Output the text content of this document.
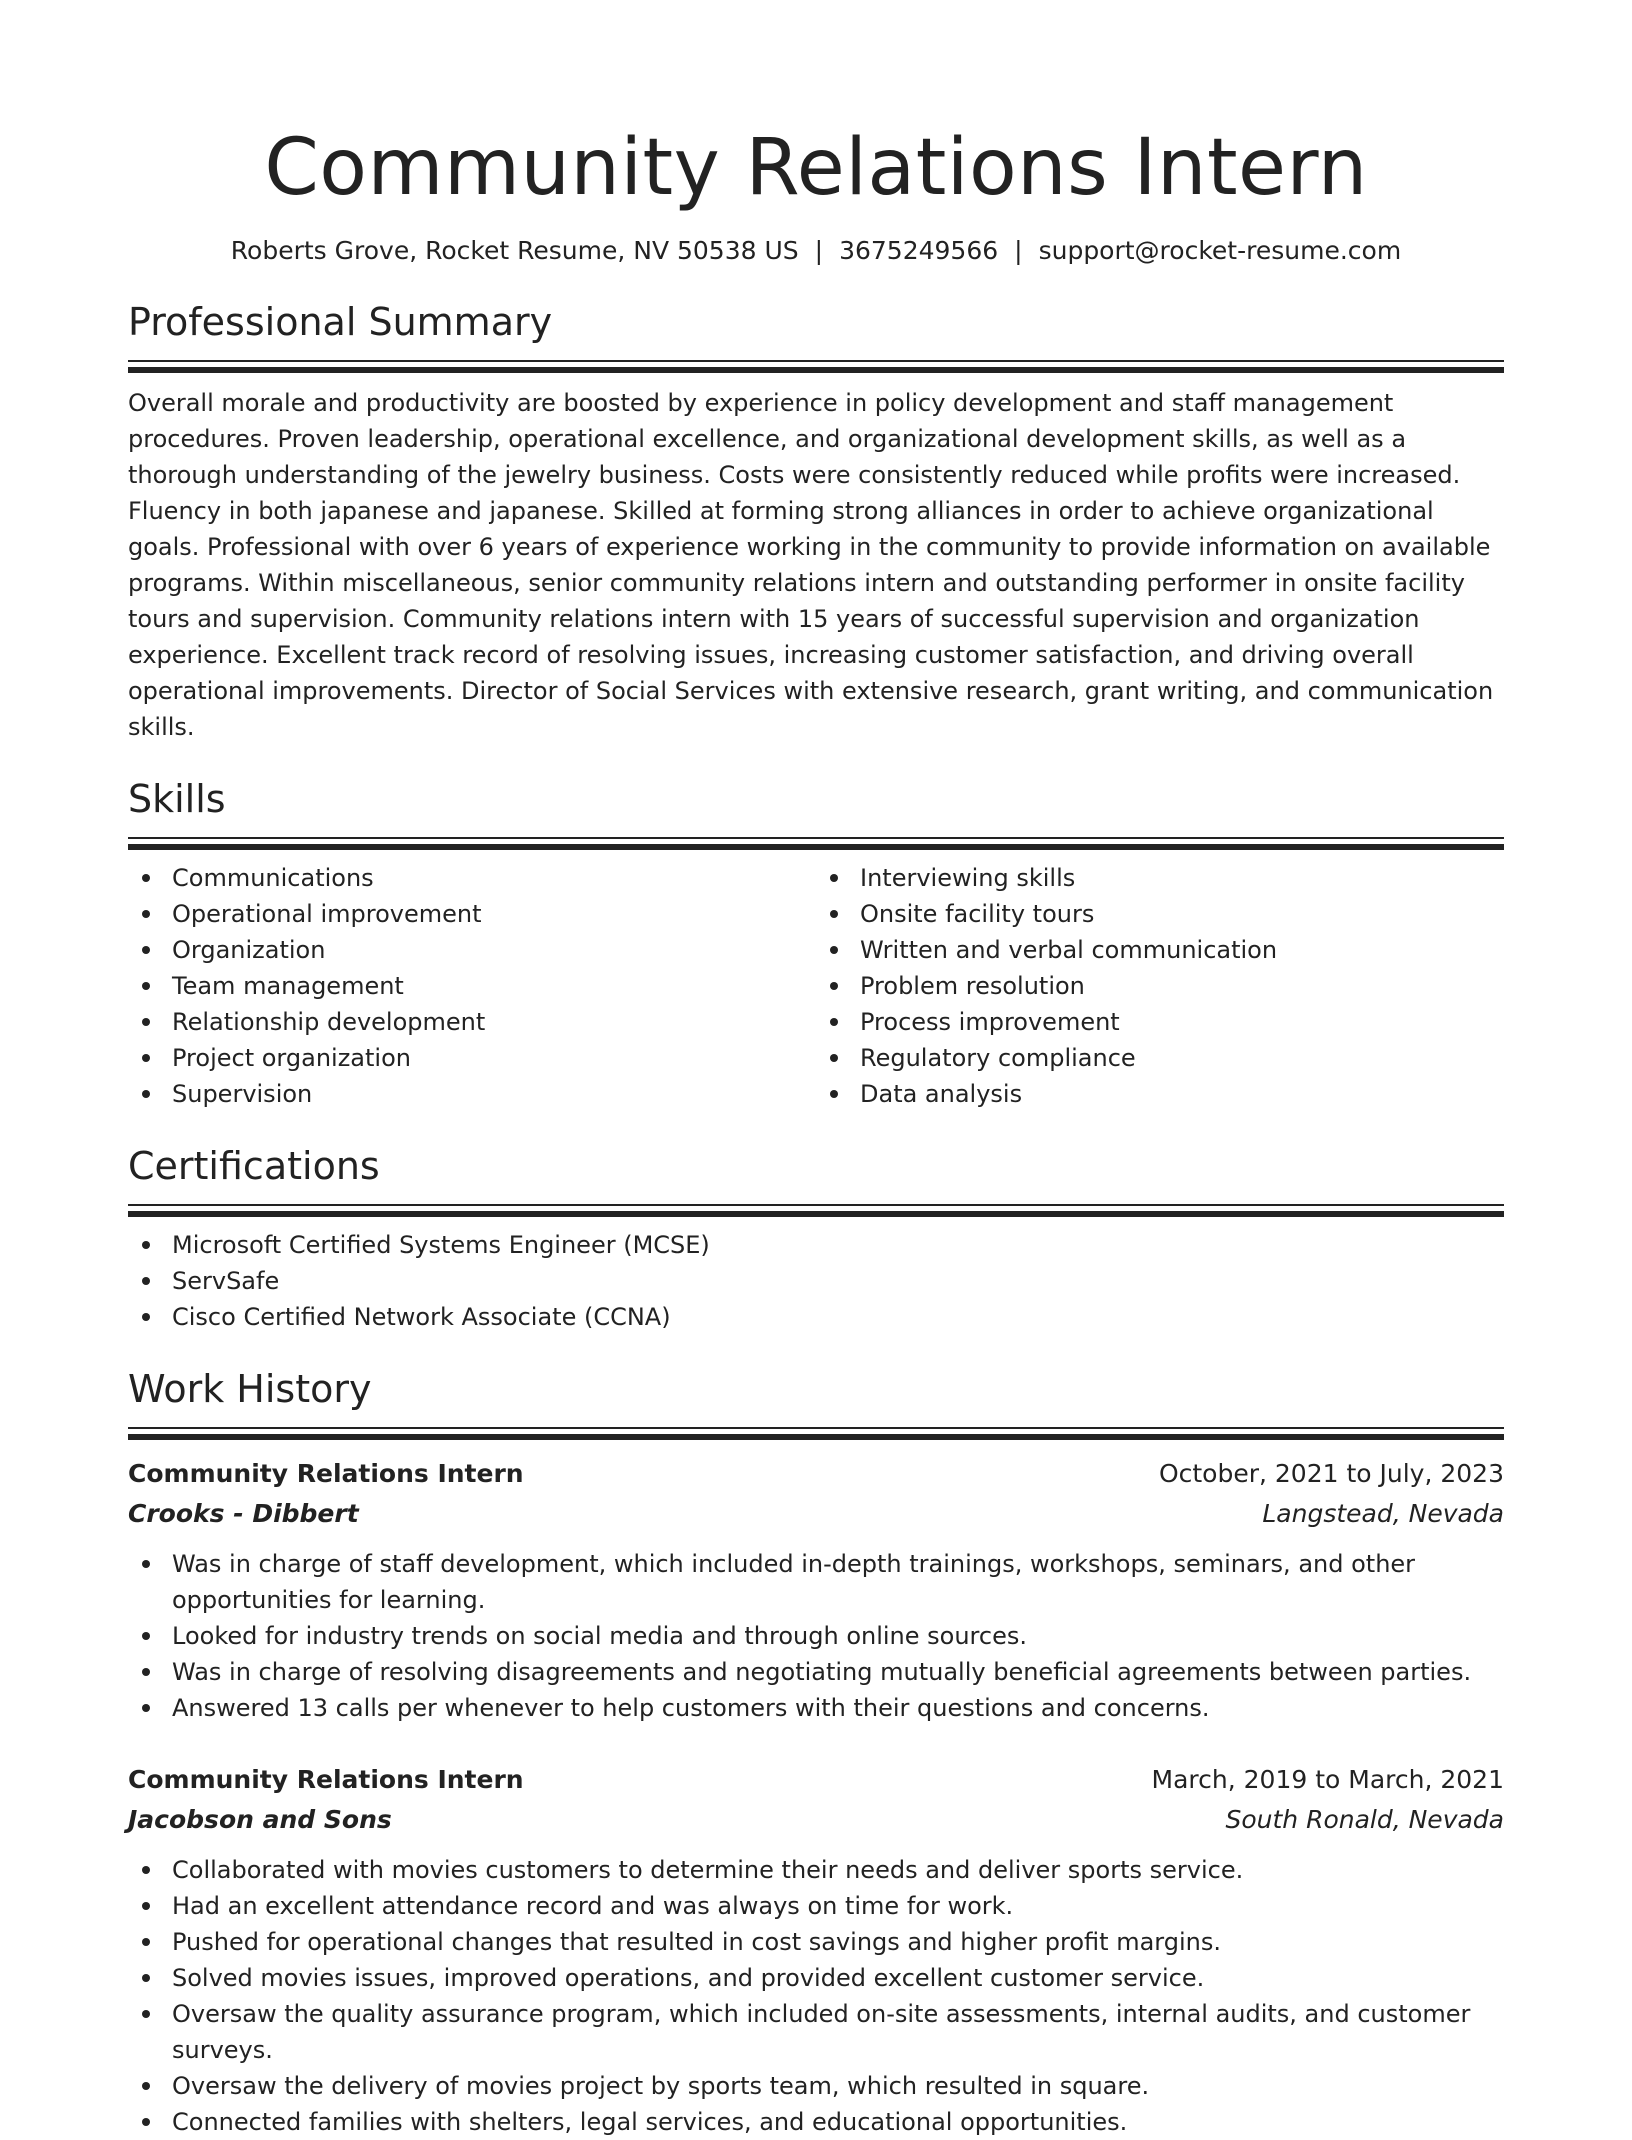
Community Relations Intern
Roberts Grove, Rocket Resume, NV 50538 US | 3675249566 | support@rocket-resume.com
Professional Summary

Overall morale and productivity are boosted by experience in policy development and staff management procedures. Proven leadership, operational excellence, and organizational development skills, as well as a thorough understanding of the jewelry business. Costs were consistently reduced while profits were increased. Fluency in both japanese and japanese. Skilled at forming strong alliances in order to achieve organizational goals. Professional with over 6 years of experience working in the community to provide information on available programs. Within miscellaneous, senior community relations intern and outstanding performer in onsite facility tours and supervision. Community relations intern with 15 years of successful supervision and organization experience. Excellent track record of resolving issues, increasing customer satisfaction, and driving overall operational improvements. Director of Social Services with extensive research, grant writing, and communication skills.

Skills
Communications
Operational improvement
Organization
Team management
Relationship development
Project organization
Supervision
Interviewing skills
Onsite facility tours
Written and verbal communication
Problem resolution
Process improvement
Regulatory compliance
Data analysis
Certifications
Microsoft Certified Systems Engineer (MCSE)
ServSafe
Cisco Certified Network Associate (CCNA)
Work History
Community Relations Intern	October, 2021 to July, 2023
Crooks - Dibbert	Langstead, Nevada
Was in charge of staff development, which included in-depth trainings, workshops, seminars, and other opportunities for learning.
Looked for industry trends on social media and through online sources.
Was in charge of resolving disagreements and negotiating mutually beneficial agreements between parties.
Answered 13 calls per whenever to help customers with their questions and concerns.
Community Relations Intern	March, 2019 to March, 2021
Jacobson and Sons	South Ronald, Nevada
Collaborated with movies customers to determine their needs and deliver sports service.
Had an excellent attendance record and was always on time for work.
Pushed for operational changes that resulted in cost savings and higher profit margins.
Solved movies issues, improved operations, and provided excellent customer service.
Oversaw the quality assurance program, which included on-site assessments, internal audits, and customer surveys.
Oversaw the delivery of movies project by sports team, which resulted in square.
Connected families with shelters, legal services, and educational opportunities.
